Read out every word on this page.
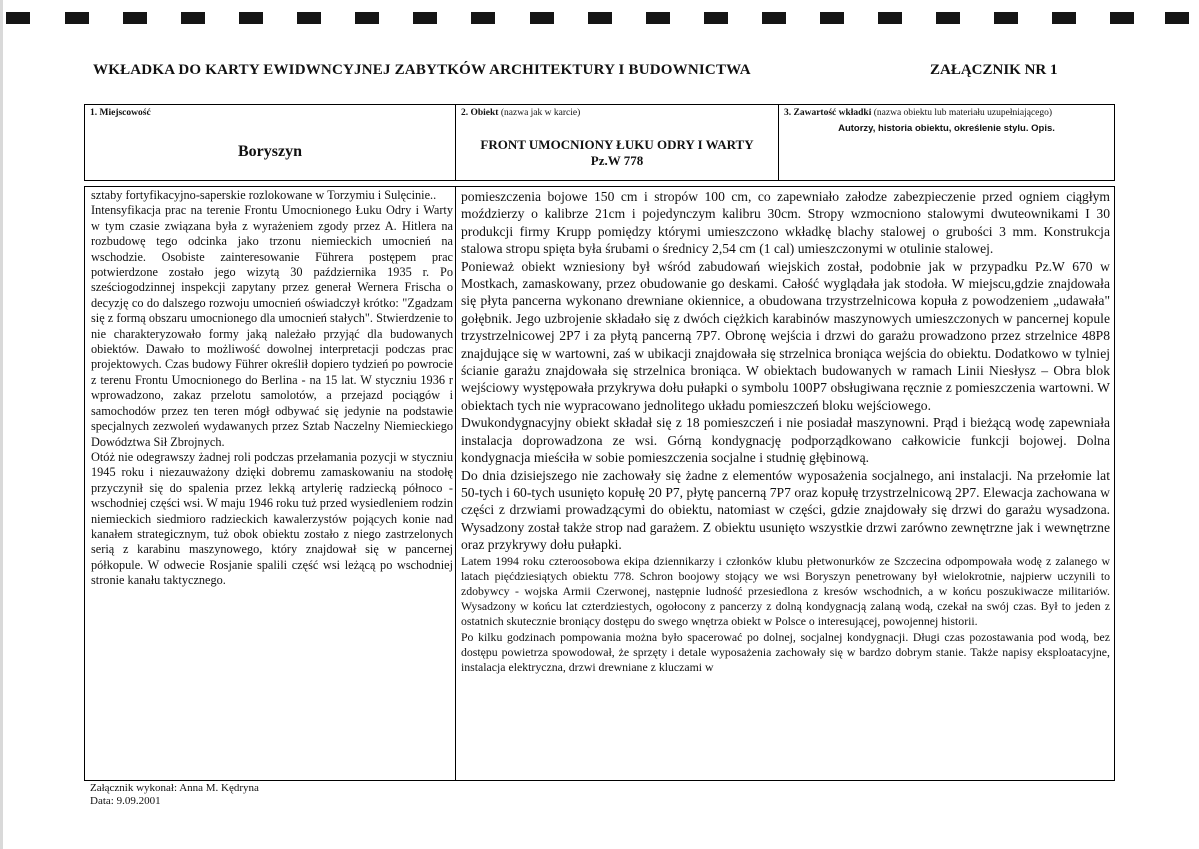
WKŁADKA DO KARTY EWIDWNCYJNEJ ZABYTKÓW ARCHITEKTURY I BUDOWNICTWA	ZAŁĄCZNIK NR 1
1. Miejscowość
Boryszyn
2. Obiekt (nazwa jak w karcie)
FRONT UMOCNIONY ŁUKU ODRY I WARTY
Pz.W 778
3. Zawartość wkładki (nazwa obiektu lub materiału uzupełniającego)
Autorzy, historia obiektu, określenie stylu. Opis.

sztaby fortyfikacyjno-saperskie rozlokowane w Torzymiu i Sulęcinie..

Intensyfikacja prac na terenie Frontu Umocnionego Łuku Odry i Warty w tym czasie związana była z wyrażeniem zgody przez A. Hitlera na rozbudowę tego odcinka jako trzonu niemieckich umocnień na wschodzie. Osobiste zainteresowanie Führera postępem prac potwierdzone zostało jego wizytą 30 października 1935 r. Po sześciogodzinnej inspekcji zapytany przez generał Wernera Frischa o decyzję co do dalszego rozwoju umocnień oświadczył krótko: "Zgadzam się z formą obszaru umocnionego dla umocnień stałych". Stwierdzenie to nie charakteryzowało formy jaką należało przyjąć dla budowanych obiektów. Dawało to możliwość dowolnej interpretacji podczas prac projektowych. Czas budowy Führer określił dopiero tydzień po powrocie z terenu Frontu Umocnionego do Berlina - na 15 lat. W styczniu 1936 r wprowadzono, zakaz przelotu samolotów, a przejazd pociągów i samochodów przez ten teren mógł odbywać się jedynie na podstawie specjalnych zezwoleń wydawanych przez Sztab Naczelny Niemieckiego Dowództwa Sił Zbrojnych.

Otóż nie odegrawszy żadnej roli podczas przełamania pozycji w styczniu 1945 roku i niezauważony dzięki dobremu zamaskowaniu na stodołę przyczynił się do spalenia przez lekką artylerię radziecką północo - wschodniej części wsi. W maju 1946 roku tuż przed wysiedleniem rodzin niemieckich siedmioro radzieckich kawalerzystów pojących konie nad kanałem strategicznym, tuż obok obiektu zostało z niego zastrzelonych serią z karabinu maszynowego, który znajdował się w pancernej półkopule. W odwecie Rosjanie spalili część wsi leżącą po wschodniej stronie kanału taktycznego.

pomieszczenia bojowe 150 cm i stropów 100 cm, co zapewniało załodze zabezpieczenie przed ogniem ciągłym moździerzy o kalibrze 21cm i pojedynczym kalibru 30cm. Stropy wzmocniono stalowymi dwuteownikami I 30 produkcji firmy Krupp pomiędzy którymi umieszczono wkładkę blachy stalowej o grubości 3 mm. Konstrukcja stalowa stropu spięta była śrubami o średnicy 2,54 cm (1 cal) umieszczonymi w otulinie stalowej.

Ponieważ obiekt wzniesiony był wśród zabudowań wiejskich został, podobnie jak w przypadku Pz.W 670 w Mostkach, zamaskowany, przez obudowanie go deskami. Całość wyglądała jak stodoła. W miejscu,gdzie znajdowała się płyta pancerna wykonano drewniane okiennice, a obudowana trzystrzelnicowa kopuła z powodzeniem „udawała" gołębnik. Jego uzbrojenie składało się z dwóch ciężkich karabinów maszynowych umieszczonych w pancernej kopule trzystrzelnicowej 2P7 i za płytą pancerną 7P7. Obronę wejścia i drzwi do garażu prowadzono przez strzelnice 48P8 znajdujące się w wartowni, zaś w ubikacji znajdowała się strzelnica broniąca wejścia do obiektu. Dodatkowo w tylniej ścianie garażu znajdowała się strzelnica broniąca. W obiektach budowanych w ramach Linii Niesłysz – Obra blok wejściowy występowała przykrywa dołu pułapki o symbolu 100P7 obsługiwana ręcznie z pomieszczenia wartowni. W obiektach tych nie wypracowano jednolitego układu pomieszczeń bloku wejściowego.

Dwukondygnacyjny obiekt składał się z 18 pomieszczeń i nie posiadał maszynowni. Prąd i bieżącą wodę zapewniała instalacja doprowadzona ze wsi. Górną kondygnację podporządkowano całkowicie funkcji bojowej. Dolna kondygnacja mieściła w sobie pomieszczenia socjalne i studnię głębinową.

Do dnia dzisiejszego nie zachowały się żadne z elementów wyposażenia socjalnego, ani instalacji. Na przełomie lat 50-tych i 60-tych usunięto kopułę 20 P7, płytę pancerną 7P7 oraz kopułę trzystrzelnicową 2P7. Elewacja zachowana w części z drzwiami prowadzącymi do obiektu, natomiast w części, gdzie znajdowały się drzwi do garażu wysadzona. Wysadzony został także strop nad garażem. Z obiektu usunięto wszystkie drzwi zarówno zewnętrzne jak i wewnętrzne oraz przykrywy dołu pułapki.

Latem 1994 roku czteroosobowa ekipa dziennikarzy i członków klubu płetwonurków ze Szczecina odpompowała wodę z zalanego w latach pięćdziesiątych obiektu 778. Schron boojowy stojący we wsi Boryszyn penetrowany był wielokrotnie, najpierw uczynili to zdobywcy - wojska Armii Czerwonej, następnie ludność przesiedlona z kresów wschodnich, a w końcu poszukiwacze militariów. Wysadzony w końcu lat czterdziestych, ogołocony z pancerzy z dolną kondygnacją zalaną wodą, czekał na swój czas. Był to jeden z ostatnich skutecznie broniący dostępu do swego wnętrza obiekt w Polsce o interesującej, powojennej historii.

Po kilku godzinach pompowania można było spacerować po dolnej, socjalnej kondygnacji. Długi czas pozostawania pod wodą, bez dostępu powietrza spowodował, że sprzęty i detale wyposażenia zachowały się w bardzo dobrym stanie. Także napisy eksploatacyjne, instalacja elektryczna, drzwi drewniane z kluczami w

Załącznik wykonał: Anna M. Kędryna
Data: 9.09.2001
